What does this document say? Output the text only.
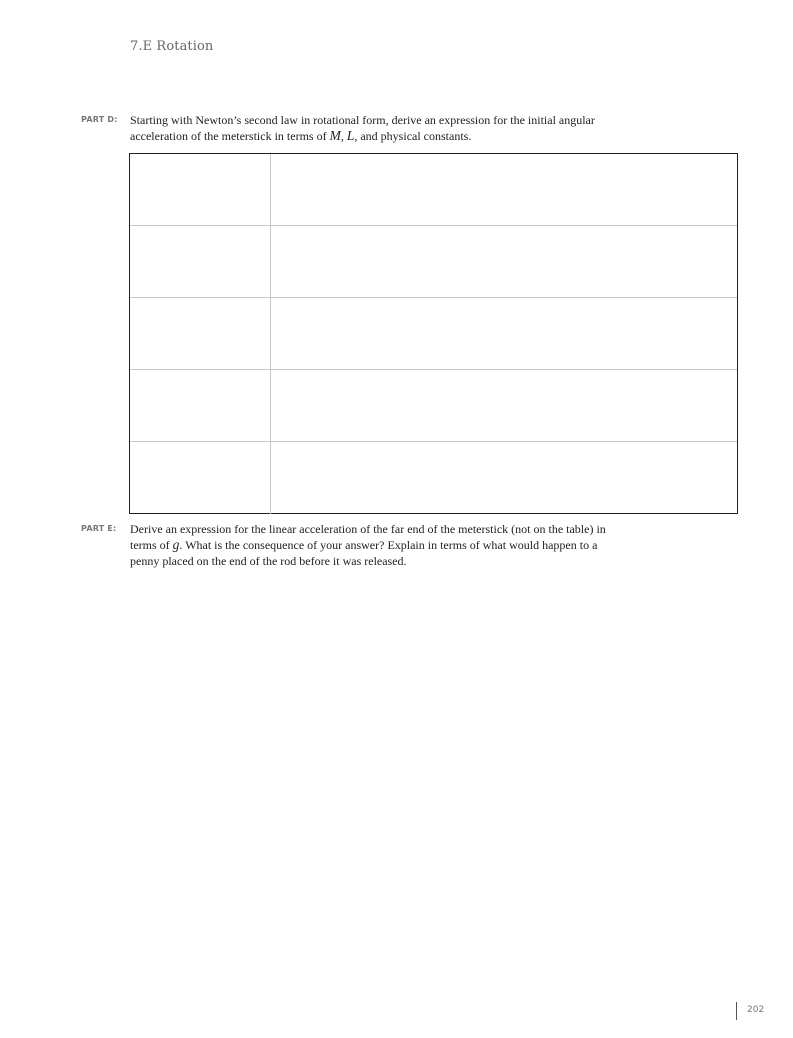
7.E Rotation
PART D: Starting with Newton’s second law in rotational form, derive an expression for the initial angular
acceleration of the meterstick in terms of M, L, and physical constants.
PART E: Derive an expression for the linear acceleration of the far end of the meterstick (not on the table) in
terms of g. What is the consequence of your answer? Explain in terms of what would happen to a
penny placed on the end of the rod before it was released.
202
